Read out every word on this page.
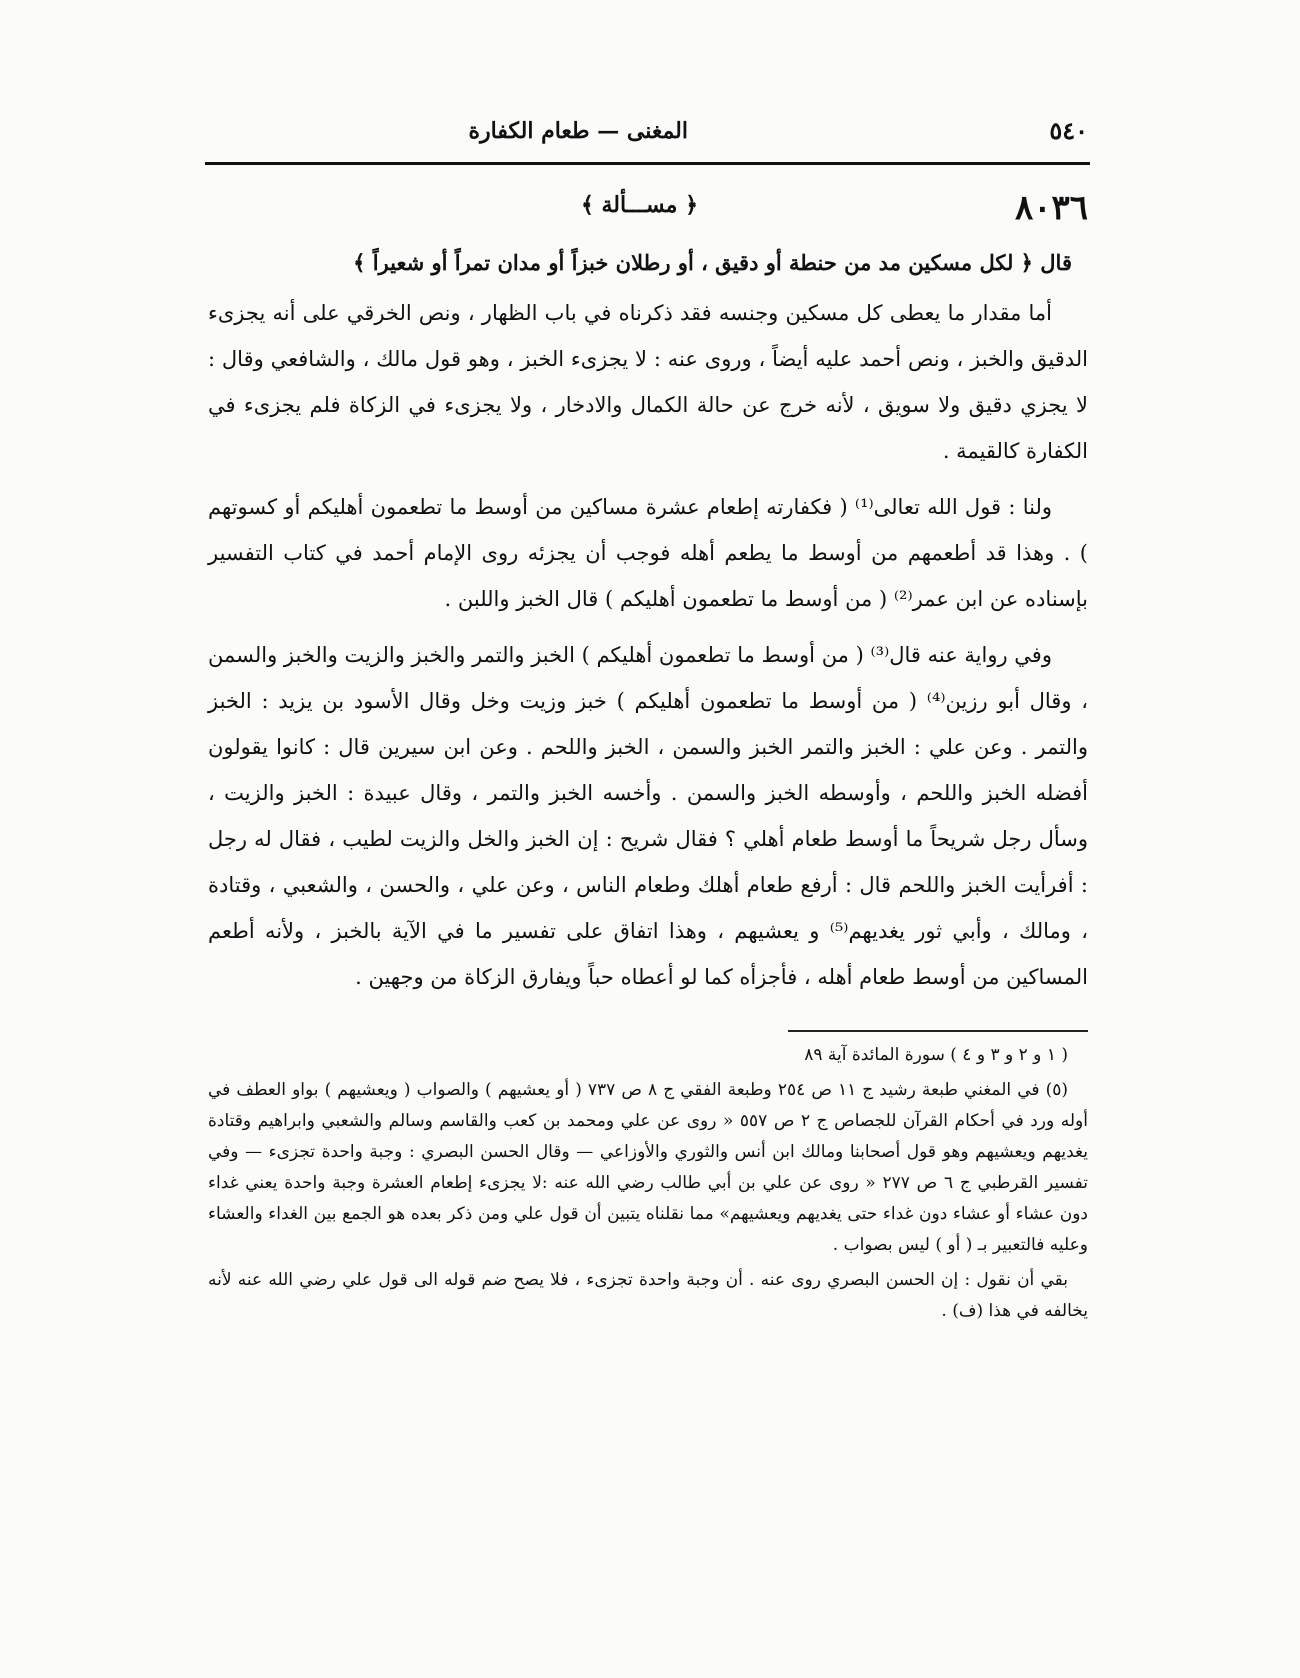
٥٤٠
المغنى — طعام الكفارة
٨٠٣٦
﴿ مســـألة ﴾

قال ﴿ لكل مسكين مد من حنطة أو دقيق ، أو رطلان خبزاً أو مدان تمراً أو شعيراً ﴾

أما مقدار ما يعطى كل مسكين وجنسه فقد ذكرناه في باب الظهار ، ونص الخرقي على أنه يجزىء الدقيق والخبز ، ونص أحمد عليه أيضاً ، وروى عنه : لا يجزىء الخبز ، وهو قول مالك ، والشافعي وقال : لا يجزي دقيق ولا سويق ، لأنه خرج عن حالة الكمال والادخار ، ولا يجزىء في الزكاة فلم يجزىء في الكفارة كالقيمة .

ولنا : قول الله تعالى⁽¹⁾ ( فكفارته إطعام عشرة مساكين من أوسط ما تطعمون أهليكم أو كسوتهم ) . وهذا قد أطعمهم من أوسط ما يطعم أهله فوجب أن يجزئه روى الإمام أحمد في كتاب التفسير بإسناده عن ابن عمر⁽²⁾ ( من أوسط ما تطعمون أهليكم ) قال الخبز واللبن .

وفي رواية عنه قال⁽³⁾ ( من أوسط ما تطعمون أهليكم ) الخبز والتمر والخبز والزيت والخبز والسمن ، وقال أبو رزين⁽⁴⁾ ( من أوسط ما تطعمون أهليكم ) خبز وزيت وخل وقال الأسود بن يزيد : الخبز والتمر . وعن علي : الخبز والتمر الخبز والسمن ، الخبز واللحم . وعن ابن سيرين قال : كانوا يقولون أفضله الخبز واللحم ، وأوسطه الخبز والسمن . وأخسه الخبز والتمر ، وقال عبيدة : الخبز والزيت ، وسأل رجل شريحاً ما أوسط طعام أهلي ؟ فقال شريح : إن الخبز والخل والزيت لطيب ، فقال له رجل : أفرأيت الخبز واللحم قال : أرفع طعام أهلك وطعام الناس ، وعن علي ، والحسن ، والشعبي ، وقتادة ، ومالك ، وأبي ثور يغديهم⁽⁵⁾ و يعشيهم ، وهذا اتفاق على تفسير ما في الآية بالخبز ، ولأنه أطعم المساكين من أوسط طعام أهله ، فأجزأه كما لو أعطاه حباً ويفارق الزكاة من وجهين .

( ١ و ٢ و ٣ و ٤ ) سورة المائدة آية ٨٩

(٥) في المغني طبعة رشيد ج ١١ ص ٢٥٤ وطبعة الفقي ج ٨ ص ٧٣٧ ( أو يعشيهم ) والصواب ( ويعشيهم ) بواو العطف في أوله ورد في أحكام القرآن للجصاص ج ٢ ص ٥٥٧ « روى عن علي ومحمد بن كعب والقاسم وسالم والشعبي وابراهيم وقتادة يغديهم ويعشيهم وهو قول أصحابنا ومالك ابن أنس والثوري والأوزاعي — وقال الحسن البصري : وجبة واحدة تجزىء — وفي تفسير القرطبي ج ٦ ص ٢٧٧ « روى عن علي بن أبي طالب رضي الله عنه :لا يجزىء إطعام العشرة وجبة واحدة يعني غداء دون عشاء أو عشاء دون غداء حتى يغديهم ويعشيهم» مما نقلناه يتبين أن قول علي ومن ذكر بعده هو الجمع بين الغداء والعشاء وعليه فالتعبير بـ ( أو ) ليس بصواب .

بقي أن نقول : إن الحسن البصري روى عنه . أن وجبة واحدة تجزىء ، فلا يصح ضم قوله الى قول علي رضي الله عنه لأنه يخالفه في هذا (ف) .
